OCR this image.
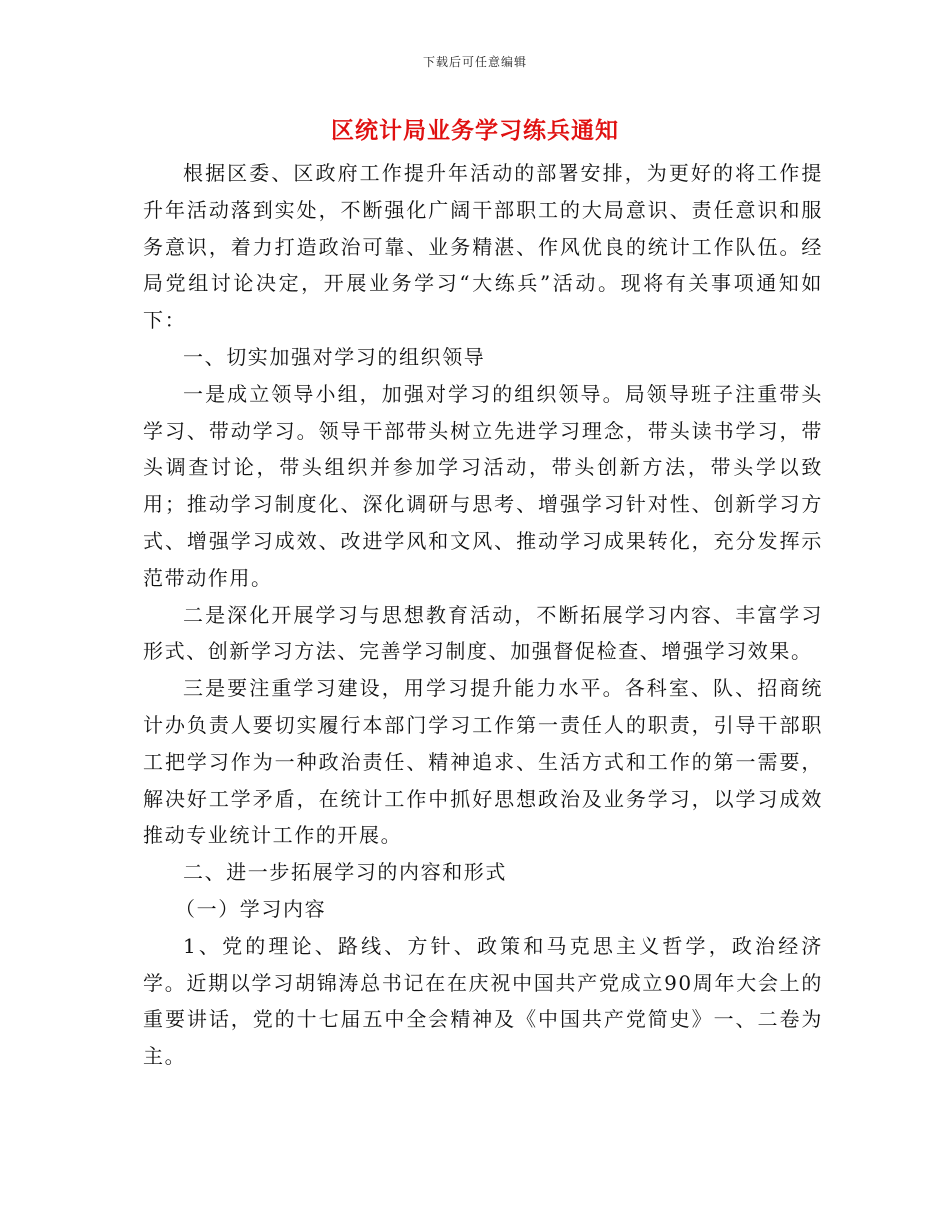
下载后可任意编辑
区统计局业务学习练兵通知

根据区委、区政府工作提升年活动的部署安排，为更好的将工作提升年活动落到实处，不断强化广阔干部职工的大局意识、责任意识和服务意识，着力打造政治可靠、业务精湛、作风优良的统计工作队伍。经局党组讨论决定，开展业务学习“大练兵”活动。现将有关事项通知如下：

一、切实加强对学习的组织领导

一是成立领导小组，加强对学习的组织领导。局领导班子注重带头学习、带动学习。领导干部带头树立先进学习理念，带头读书学习，带头调查讨论，带头组织并参加学习活动，带头创新方法，带头学以致用；推动学习制度化、深化调研与思考、增强学习针对性、创新学习方式、增强学习成效、改进学风和文风、推动学习成果转化，充分发挥示范带动作用。

二是深化开展学习与思想教育活动，不断拓展学习内容、丰富学习形式、创新学习方法、完善学习制度、加强督促检查、增强学习效果。

三是要注重学习建设，用学习提升能力水平。各科室、队、招商统计办负责人要切实履行本部门学习工作第一责任人的职责，引导干部职工把学习作为一种政治责任、精神追求、生活方式和工作的第一需要，解决好工学矛盾，在统计工作中抓好思想政治及业务学习，以学习成效推动专业统计工作的开展。

二、进一步拓展学习的内容和形式

（一）学习内容

1、党的理论、路线、方针、政策和马克思主义哲学，政治经济学。近期以学习胡锦涛总书记在在庆祝中国共产党成立90周年大会上的重要讲话，党的十七届五中全会精神及《中国共产党简史》一、二卷为主。
